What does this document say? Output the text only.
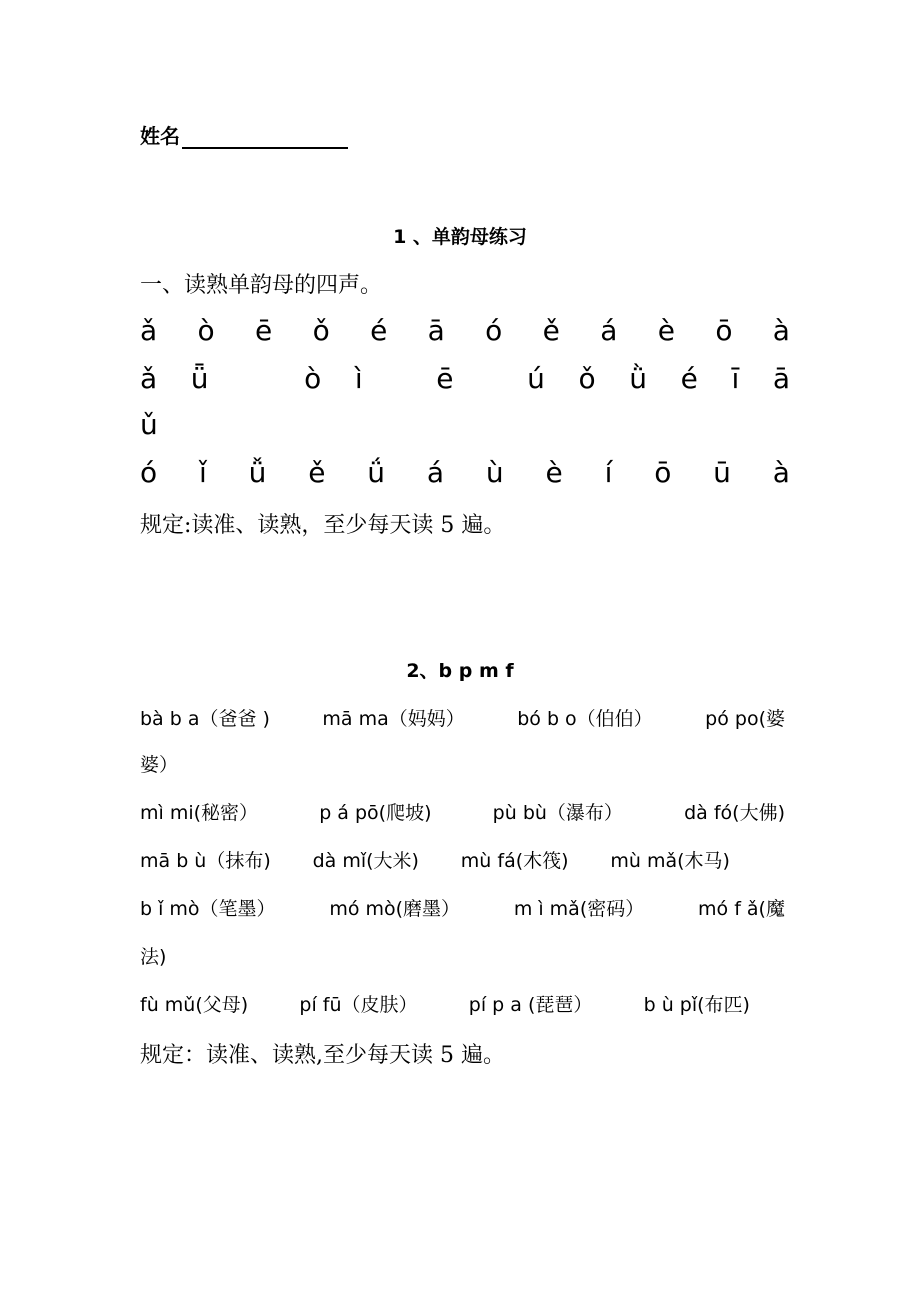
姓名
1 、单韵母练习
一、读熟单韵母的四声。
ǎ ò ē ǒ é ā ó ě á è ō à
ǎ ǖ	ò ì	ē	ú ǒ ǜ é ī ā
ǔ
ó ǐ ǚ ě ǘ á ù è í ō ū à
规定:读准、读熟，至少每天读 5 遍。
2、b p m f
bà b a（爸爸 )	mā ma（妈妈）	bó b o（伯伯）	pó po(婆
婆）
mì mi(秘密）	p á pō(爬坡)	pù bù（瀑布）	dà fó(大佛)
mā b ù（抹布) dà mǐ(大米) mù fá(木筏) mù mǎ(木马)
b ǐ mò（笔墨）	mó mò(磨墨）	m ì mǎ(密码）	mó f ǎ(魔
法)
fù mǔ(父母)	pí fū（皮肤）	pí p a (琵琶）	b ù pǐ(布匹)
规定：读准、读熟,至少每天读 5 遍。
